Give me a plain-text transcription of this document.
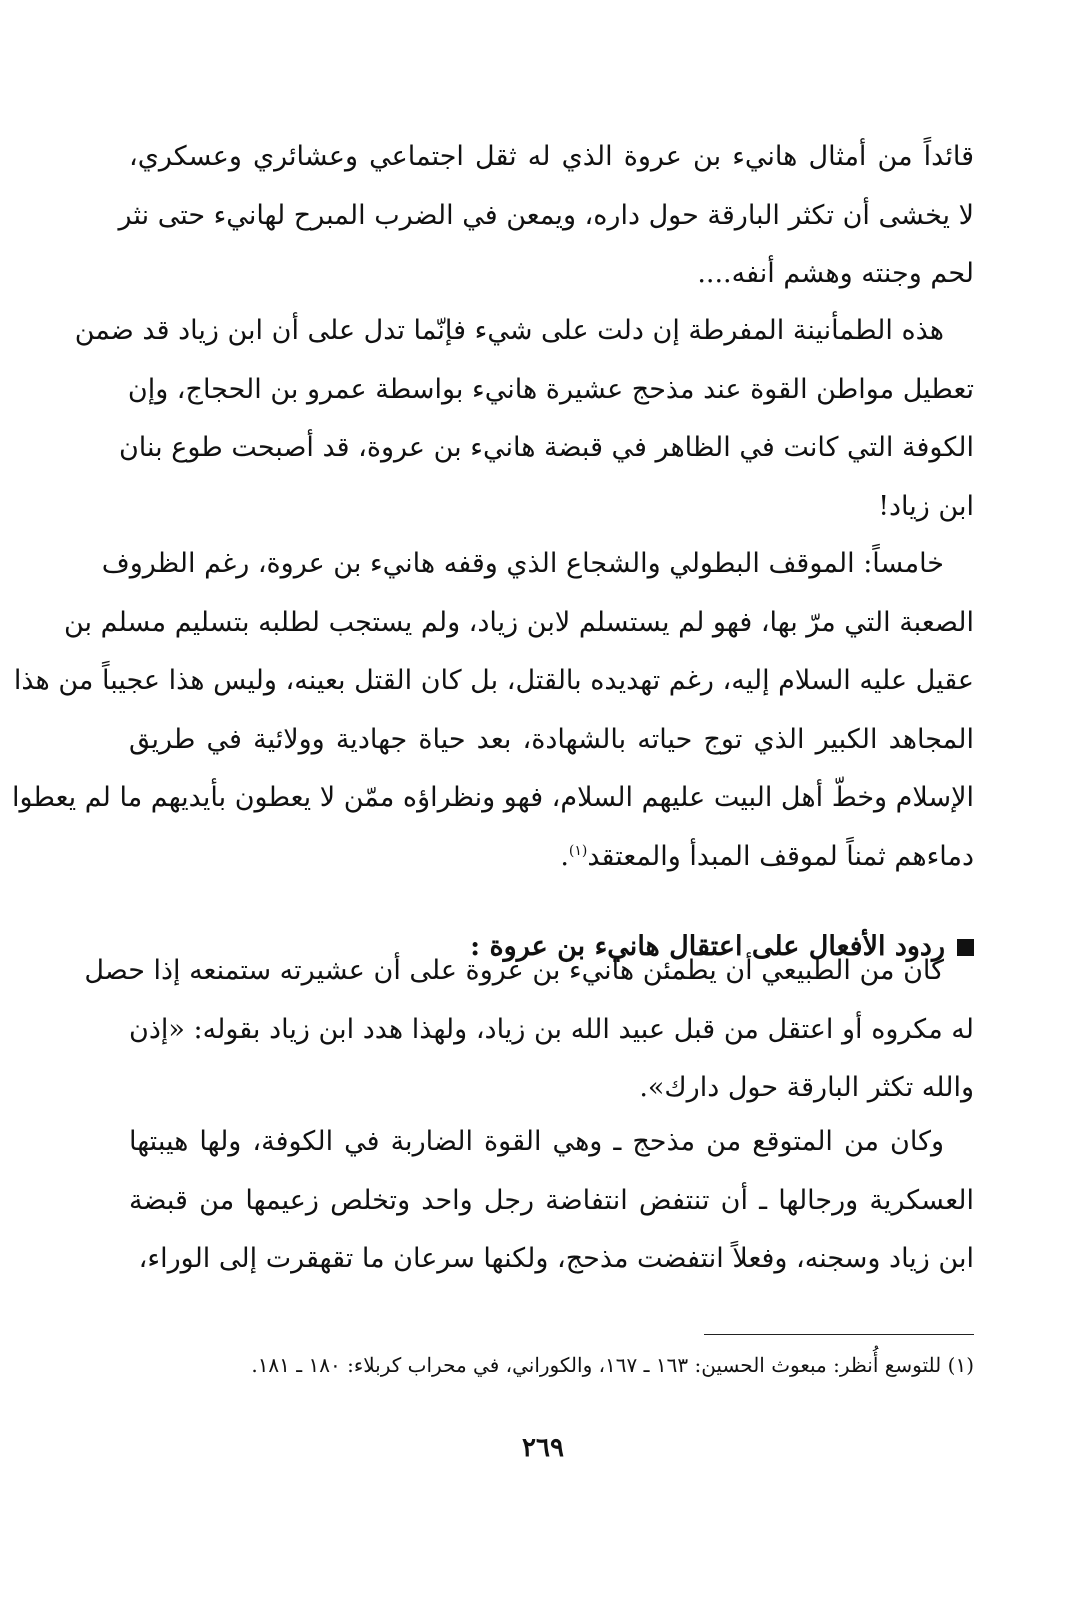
قائداً من أمثال هانيء بن عروة الذي له ثقل اجتماعي وعشائري وعسكري،
لا يخشى أن تكثر البارقة حول داره، ويمعن في الضرب المبرح لهانيء حتى نثر
لحم وجنته وهشم أنفه....
هذه الطمأنينة المفرطة إن دلت على شيء فإنّما تدل على أن ابن زياد قد ضمن
تعطيل مواطن القوة عند مذحج عشيرة هانيء بواسطة عمرو بن الحجاج، وإن
الكوفة التي كانت في الظاهر في قبضة هانيء بن عروة، قد أصبحت طوع بنان
ابن زياد!
خامساً: الموقف البطولي والشجاع الذي وقفه هانيء بن عروة، رغم الظروف
الصعبة التي مرّ بها، فهو لم يستسلم لابن زياد، ولم يستجب لطلبه بتسليم مسلم بن
عقيل عليه السلام إليه، رغم تهديده بالقتل، بل كان القتل بعينه، وليس هذا عجيباً من هذا
المجاهد الكبير الذي توج حياته بالشهادة، بعد حياة جهادية وولائية في طريق
الإسلام وخطّ أهل البيت عليهم السلام، فهو ونظراؤه ممّن لا يعطون بأيديهم ما لم يعطوا
دماءهم ثمناً لموقف المبدأ والمعتقد$^{(١)}$.
ردود الأفعال على اعتقال هانيء بن عروة :
كان من الطبيعي أن يطمئن هانيء بن عروة على أن عشيرته ستمنعه إذا حصل
له مكروه أو اعتقل من قبل عبيد الله بن زياد، ولهذا هدد ابن زياد بقوله: «إذن
والله تكثر البارقة حول دارك».
وكان من المتوقع من مذحج ـ وهي القوة الضاربة في الكوفة، ولها هيبتها
العسكرية ورجالها ـ أن تنتفض انتفاضة رجل واحد وتخلص زعيمها من قبضة
ابن زياد وسجنه، وفعلاً انتفضت مذحج، ولكنها سرعان ما تقهقرت إلى الوراء،
(١) للتوسع أُنظر: مبعوث الحسين: ١٦٣ ـ ١٦٧، والكوراني، في محراب كربلاء: ١٨٠ ـ ١٨١.
٢٦٩
